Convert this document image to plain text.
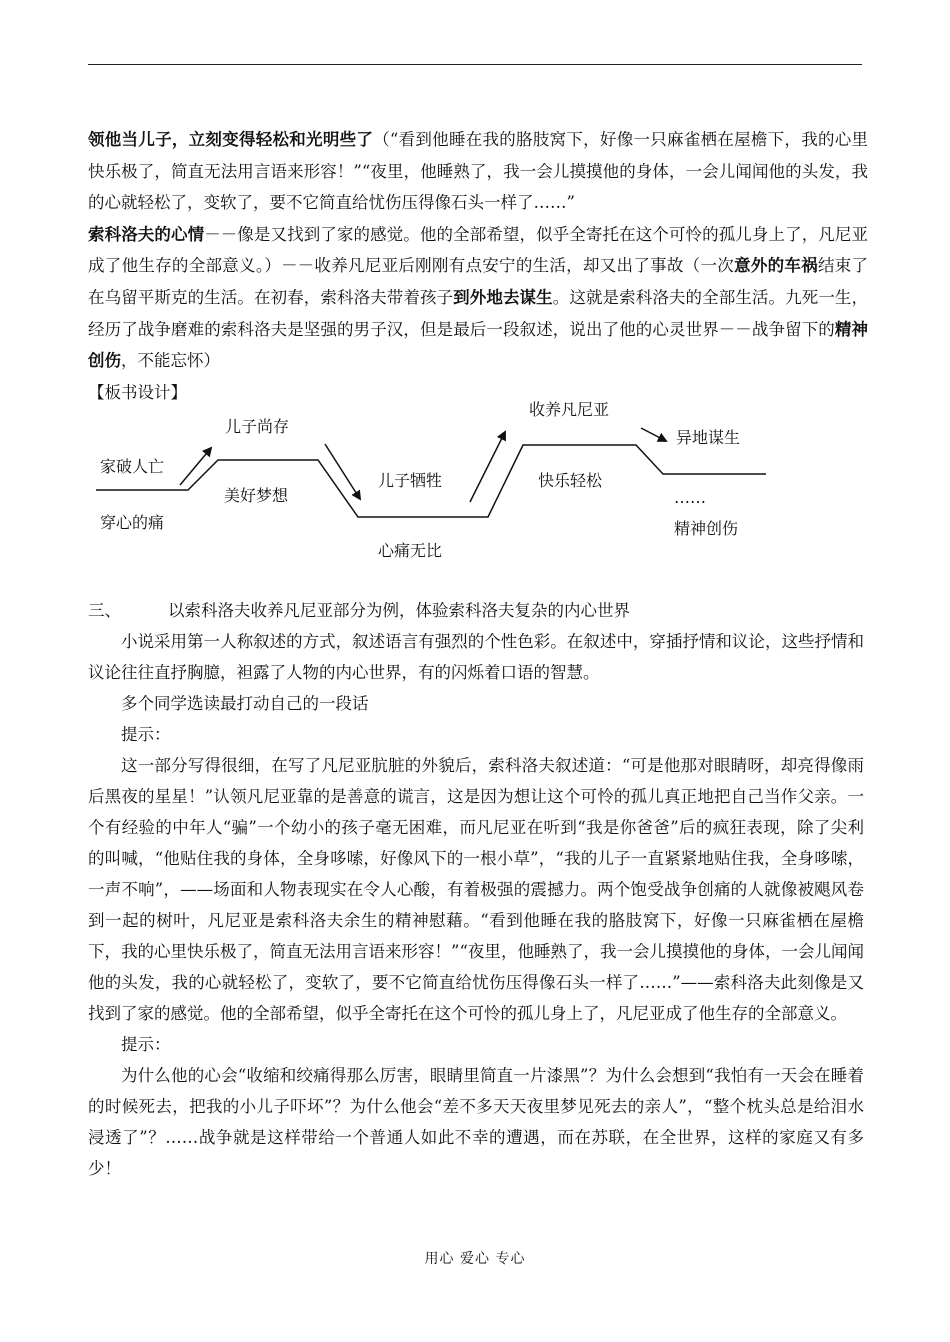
领他当儿子，立刻变得轻松和光明些了（“看到他睡在我的胳肢窝下，好像一只麻雀栖在屋檐下，我的心里快乐极了，简直无法用言语来形容！”“夜里，他睡熟了，我一会儿摸摸他的身体，一会儿闻闻他的头发，我的心就轻松了，变软了，要不它简直给忧伤压得像石头一样了……”
索科洛夫的心情－－像是又找到了家的感觉。他的全部希望，似乎全寄托在这个可怜的孤儿身上了，凡尼亚成了他生存的全部意义。）－－收养凡尼亚后刚刚有点安宁的生活，却又出了事故（一次意外的车祸结束了在乌留平斯克的生活。在初春，索科洛夫带着孩子到外地去谋生。这就是索科洛夫的全部生活。九死一生，经历了战争磨难的索科洛夫是坚强的男子汉，但是最后一段叙述，说出了他的心灵世界－－战争留下的精神创伤，不能忘怀）

【板书设计】

家破人亡
穿心的痛
儿子尚存
美好梦想
儿子牺牲
心痛无比
收养凡尼亚
快乐轻松
异地谋生
……
精神创伤

三、	以索科洛夫收养凡尼亚部分为例，体验索科洛夫复杂的内心世界

小说采用第一人称叙述的方式，叙述语言有强烈的个性色彩。在叙述中，穿插抒情和议论，这些抒情和议论往往直抒胸臆，袒露了人物的内心世界，有的闪烁着口语的智慧。

多个同学选读最打动自己的一段话

提示：

这一部分写得很细，在写了凡尼亚肮脏的外貌后，索科洛夫叙述道：“可是他那对眼睛呀，却亮得像雨后黑夜的星星！”认领凡尼亚靠的是善意的谎言，这是因为想让这个可怜的孤儿真正地把自己当作父亲。一个有经验的中年人“骗”一个幼小的孩子毫无困难，而凡尼亚在听到“我是你爸爸”后的疯狂表现，除了尖利的叫喊，“他贴住我的身体，全身哆嗦，好像风下的一根小草”，“我的儿子一直紧紧地贴住我，全身哆嗦，一声不响”，——场面和人物表现实在令人心酸，有着极强的震撼力。两个饱受战争创痛的人就像被飓风卷到一起的树叶，凡尼亚是索科洛夫余生的精神慰藉。“看到他睡在我的胳肢窝下，好像一只麻雀栖在屋檐下，我的心里快乐极了，简直无法用言语来形容！”“夜里，他睡熟了，我一会儿摸摸他的身体，一会儿闻闻他的头发，我的心就轻松了，变软了，要不它简直给忧伤压得像石头一样了……”——索科洛夫此刻像是又找到了家的感觉。他的全部希望，似乎全寄托在这个可怜的孤儿身上了，凡尼亚成了他生存的全部意义。

提示：

为什么他的心会“收缩和绞痛得那么厉害，眼睛里简直一片漆黑”？为什么会想到“我怕有一天会在睡着的时候死去，把我的小儿子吓坏”？为什么他会“差不多天天夜里梦见死去的亲人”，“整个枕头总是给泪水浸透了”？……战争就是这样带给一个普通人如此不幸的遭遇，而在苏联，在全世界，这样的家庭又有多少！

用心 爱心 专心
